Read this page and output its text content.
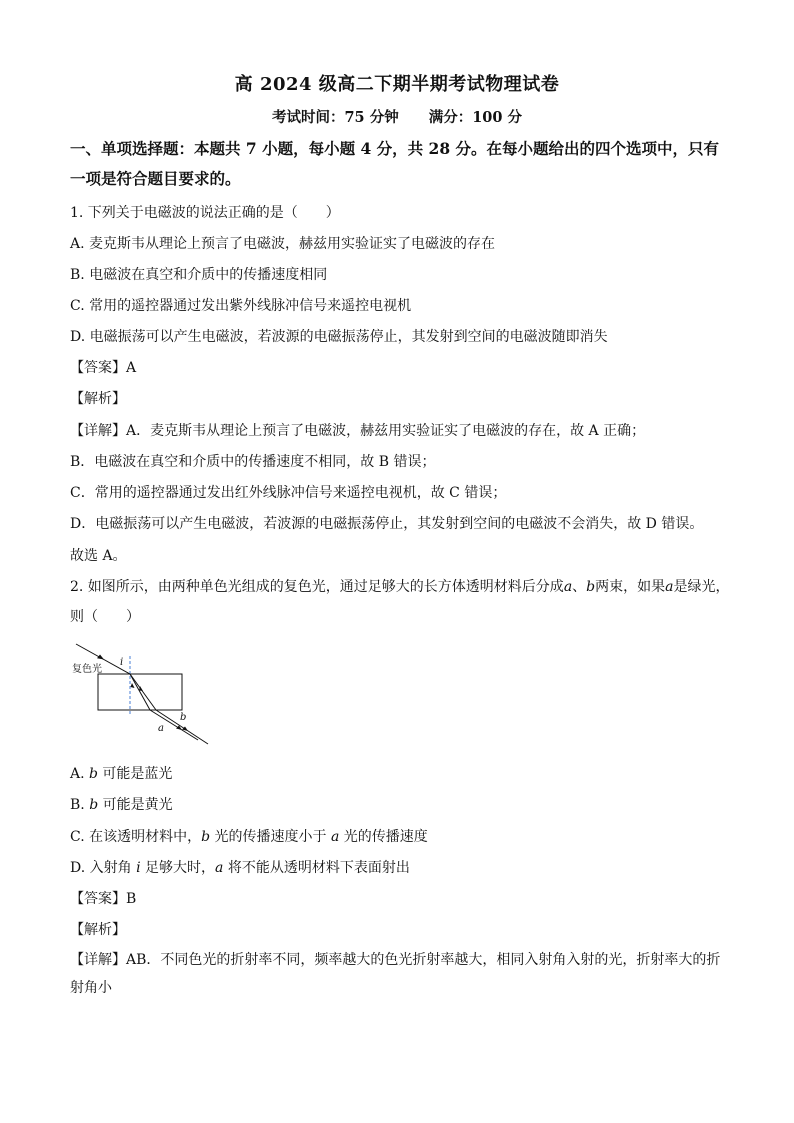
高 2024 级高二下期半期考试物理试卷
考试时间：75 分钟 满分：100 分
一、单项选择题：本题共 7 小题，每小题 4 分，共 28 分。在每小题给出的四个选项中，只有一项是符合题目要求的。
1. 下列关于电磁波的说法正确的是（　　）
A. 麦克斯韦从理论上预言了电磁波，赫兹用实验证实了电磁波的存在
B. 电磁波在真空和介质中的传播速度相同
C. 常用的遥控器通过发出紫外线脉冲信号来遥控电视机
D. 电磁振荡可以产生电磁波，若波源的电磁振荡停止，其发射到空间的电磁波随即消失
【答案】A
【解析】
【详解】A．麦克斯韦从理论上预言了电磁波，赫兹用实验证实了电磁波的存在，故 A 正确；
B．电磁波在真空和介质中的传播速度不相同，故 B 错误；
C．常用的遥控器通过发出红外线脉冲信号来遥控电视机，故 C 错误；
D．电磁振荡可以产生电磁波，若波源的电磁振荡停止，其发射到空间的电磁波不会消失，故 D 错误。
故选 A。
2. 如图所示，由两种单色光组成的复色光，通过足够大的长方体透明材料后分成a、b两束，如果a是绿光，
则（　　）
复色光
i
a
b
A. b 可能是蓝光
B. b 可能是黄光
C. 在该透明材料中，b 光的传播速度小于 a 光的传播速度
D. 入射角 i 足够大时，a 将不能从透明材料下表面射出
【答案】B
【解析】
【详解】AB．不同色光的折射率不同，频率越大的色光折射率越大，相同入射角入射的光，折射率大的折射角小
